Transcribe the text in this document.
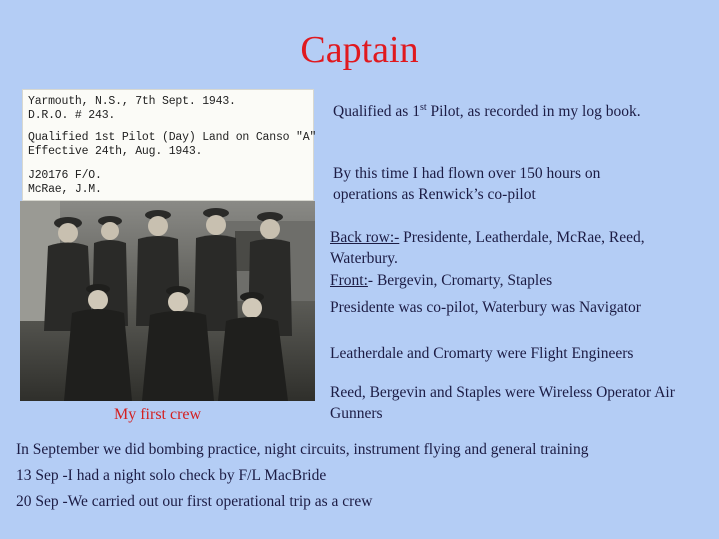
Captain
Yarmouth, N.S., 7th Sept. 1943.
D.R.O. # 243.
Qualified 1st Pilot (Day) Land on Canso "A"
Effective 24th, Aug. 1943.
J20176 F/O.
McRae, J.M.
My first crew
Qualified as 1st Pilot, as recorded in my log book.
By this time I had flown over 150 hours on operations as Renwick’s co-pilot
Back row:- Presidente, Leatherdale, McRae, Reed, Waterbury.
Front:- Bergevin, Cromarty, Staples
Presidente was co-pilot, Waterbury was Navigator
Leatherdale and Cromarty were Flight Engineers
Reed, Bergevin and Staples were Wireless Operator Air Gunners
In September we did bombing practice, night circuits, instrument flying and general training
13 Sep -I had a night solo check by F/L MacBride
20 Sep -We carried out our first operational trip as a crew
